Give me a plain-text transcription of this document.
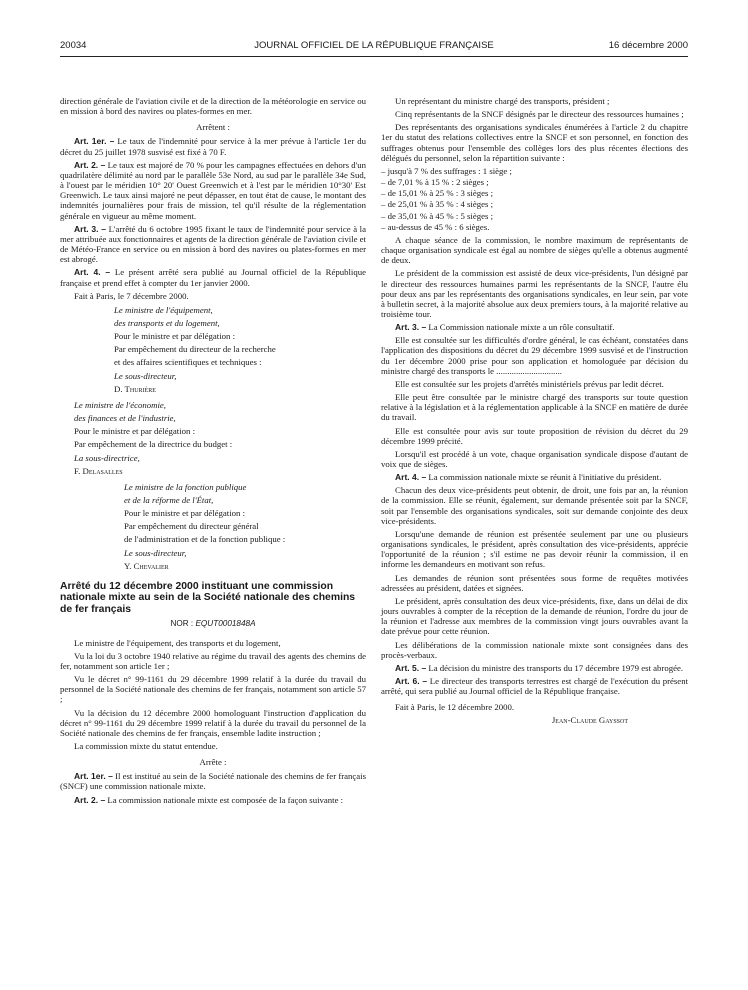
20034	JOURNAL OFFICIEL DE LA RÉPUBLIQUE FRANÇAISE	16 décembre 2000

direction générale de l'aviation civile et de la direction de la météorologie en service ou en mission à bord des navires ou plates-formes en mer.

Arrêtent :

Art. 1er. – Le taux de l'indemnité pour service à la mer prévue à l'article 1er du décret du 25 juillet 1978 susvisé est fixé à 70 F.

Art. 2. – Le taux est majoré de 70 % pour les campagnes effectuées en dehors d'un quadrilatère délimité au nord par le parallèle 53e Nord, au sud par le parallèle 34e Sud, à l'ouest par le méridien 10° 20' Ouest Greenwich et à l'est par le méridien 10°30' Est Greenwich. Le taux ainsi majoré ne peut dépasser, en tout état de cause, le montant des indemnités journalières pour frais de mission, tel qu'il résulte de la réglementation générale en vigueur au même moment.

Art. 3. – L'arrêté du 6 octobre 1995 fixant le taux de l'indemnité pour service à la mer attribuée aux fonctionnaires et agents de la direction générale de l'aviation civile et de Météo-France en service ou en mission à bord des navires ou plates-formes en mer est abrogé.

Art. 4. – Le présent arrêté sera publié au Journal officiel de la République française et prend effet à compter du 1er janvier 2000.

Fait à Paris, le 7 décembre 2000.

Le ministre de l'équipement,

des transports et du logement,

Pour le ministre et par délégation :

Par empêchement du directeur de la recherche

et des affaires scientifiques et techniques :

Le sous-directeur,

D. Thurière

Le ministre de l'économie,

des finances et de l'industrie,

Pour le ministre et par délégation :

Par empêchement de la directrice du budget :

La sous-directrice,

F. Delasalles

Le ministre de la fonction publique

et de la réforme de l'État,

Pour le ministre et par délégation :

Par empêchement du directeur général

de l'administration et de la fonction publique :

Le sous-directeur,

Y. Chevalier

Arrêté du 12 décembre 2000 instituant une commission nationale mixte au sein de la Société nationale des chemins de fer français
NOR : EQUT0001848A

Le ministre de l'équipement, des transports et du logement,

Vu la loi du 3 octobre 1940 relative au régime du travail des agents des chemins de fer, notamment son article 1er ;

Vu le décret n° 99-1161 du 29 décembre 1999 relatif à la durée du travail du personnel de la Société nationale des chemins de fer français, notamment son article 57 ;

Vu la décision du 12 décembre 2000 homologuant l'instruction d'application du décret n° 99-1161 du 29 décembre 1999 relatif à la durée du travail du personnel de la Société nationale des chemins de fer français, ensemble ladite instruction ;

La commission mixte du statut entendue.

Arrête :

Art. 1er. – Il est institué au sein de la Société nationale des chemins de fer français (SNCF) une commission nationale mixte.

Art. 2. – La commission nationale mixte est composée de la façon suivante :

Un représentant du ministre chargé des transports, président ;

Cinq représentants de la SNCF désignés par le directeur des ressources humaines ;

Des représentants des organisations syndicales énumérées à l'article 2 du chapitre 1er du statut des relations collectives entre la SNCF et son personnel, en fonction des suffrages obtenus pour l'ensemble des collèges lors des plus récentes élections des délégués du personnel, selon la répartition suivante :

– jusqu'à 7 % des suffrages : 1 siège ;

– de 7,01 % à 15 % : 2 sièges ;

– de 15,01 % à 25 % : 3 sièges ;

– de 25,01 % à 35 % : 4 sièges ;

– de 35,01 % à 45 % : 5 sièges ;

– au-dessus de 45 % : 6 sièges.

A chaque séance de la commission, le nombre maximum de représentants de chaque organisation syndicale est égal au nombre de sièges qu'elle a obtenus augmenté de deux.

Le président de la commission est assisté de deux vice-présidents, l'un désigné par le directeur des ressources humaines parmi les représentants de la SNCF, l'autre élu pour deux ans par les représentants des organisations syndicales, en leur sein, par vote à bulletin secret, à la majorité absolue aux deux premiers tours, à la majorité relative au troisième tour.

Art. 3. – La Commission nationale mixte a un rôle consultatif.

Elle est consultée sur les difficultés d'ordre général, le cas échéant, constatées dans l'application des dispositions du décret du 29 décembre 1999 susvisé et de l'instruction du 1er décembre 2000 prise pour son application et homologuée par décision du ministre chargé des transports le ..............................

Elle est consultée sur les projets d'arrêtés ministériels prévus par ledit décret.

Elle peut être consultée par le ministre chargé des transports sur toute question relative à la législation et à la réglementation applicable à la SNCF en matière de durée du travail.

Elle est consultée pour avis sur toute proposition de révision du décret du 29 décembre 1999 précité.

Lorsqu'il est procédé à un vote, chaque organisation syndicale dispose d'autant de voix que de sièges.

Art. 4. – La commission nationale mixte se réunit à l'initiative du président.

Chacun des deux vice-présidents peut obtenir, de droit, une fois par an, la réunion de la commission. Elle se réunit, également, sur demande présentée soit par la SNCF, soit par l'ensemble des organisations syndicales, soit sur demande conjointe des deux vice-présidents.

Lorsqu'une demande de réunion est présentée seulement par une ou plusieurs organisations syndicales, le président, après consultation des vice-présidents, apprécie l'opportunité de la réunion ; s'il estime ne pas devoir réunir la commission, il en informe les demandeurs en motivant son refus.

Les demandes de réunion sont présentées sous forme de requêtes motivées adressées au président, datées et signées.

Le président, après consultation des deux vice-présidents, fixe, dans un délai de dix jours ouvrables à compter de la réception de la demande de réunion, l'ordre du jour de la réunion et l'adresse aux membres de la commission vingt jours ouvrables avant la date prévue pour cette réunion.

Les délibérations de la commission nationale mixte sont consignées dans des procès-verbaux.

Art. 5. – La décision du ministre des transports du 17 décembre 1979 est abrogée.

Art. 6. – Le directeur des transports terrestres est chargé de l'exécution du présent arrêté, qui sera publié au Journal officiel de la République française.

Fait à Paris, le 12 décembre 2000.

Jean-Claude Gayssot
